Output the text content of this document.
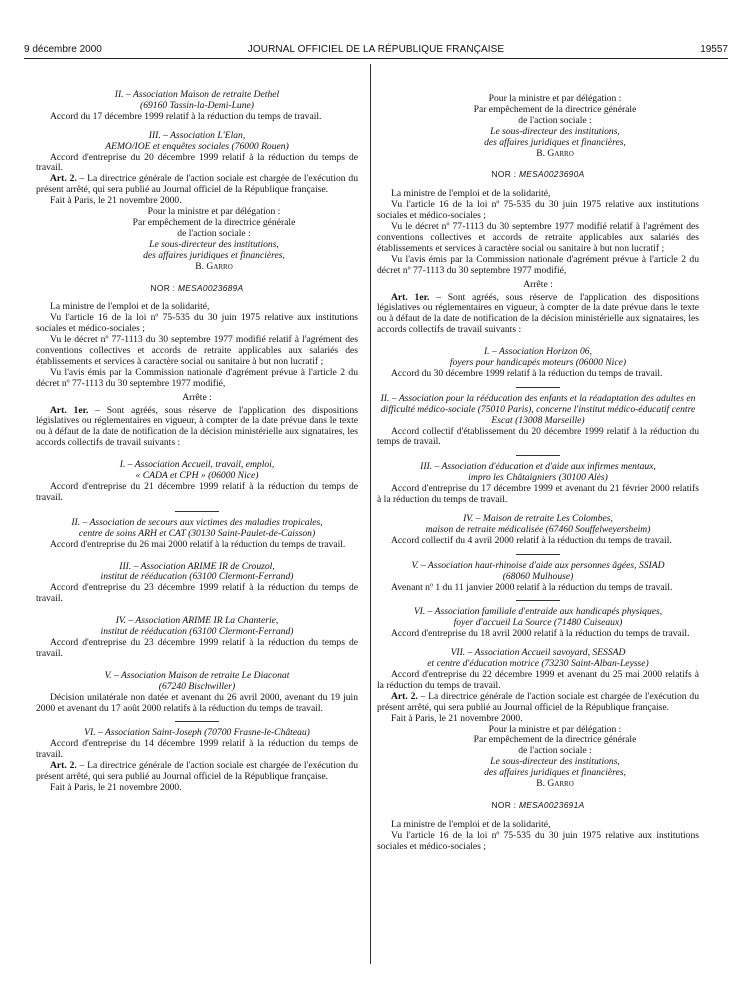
9 décembre 2000	JOURNAL OFFICIEL DE LA RÉPUBLIQUE FRANÇAISE	19557

II. – Association Maison de retraite Dethel

(69160 Tassin-la-Demi-Lune)

Accord du 17 décembre 1999 relatif à la réduction du temps de travail.

III. – Association L'Elan,

AEMO/IOE et enquêtes sociales (76000 Rouen)

Accord d'entreprise du 20 décembre 1999 relatif à la réduction du temps de travail.

Art. 2. – La directrice générale de l'action sociale est chargée de l'exécution du présent arrêté, qui sera publié au Journal officiel de la République française.

Fait à Paris, le 21 novembre 2000.

Pour la ministre et par délégation :

Par empêchement de la directrice générale

de l'action sociale :

Le sous-directeur des institutions,

des affaires juridiques et financières,

B. Garro

NOR : MESA0023689A

La ministre de l'emploi et de la solidarité,

Vu l'article 16 de la loi nº 75-535 du 30 juin 1975 relative aux institutions sociales et médico-sociales ;

Vu le décret nº 77-1113 du 30 septembre 1977 modifié relatif à l'agrément des conventions collectives et accords de retraite applicables aux salariés des établissements et services à caractère social ou sanitaire à but non lucratif ;

Vu l'avis émis par la Commission nationale d'agrément prévue à l'article 2 du décret nº 77-1113 du 30 septembre 1977 modifié,

Arrête :

Art. 1er. – Sont agréés, sous réserve de l'application des dispositions législatives ou réglementaires en vigueur, à compter de la date prévue dans le texte ou à défaut de la date de notification de la décision ministérielle aux signataires, les accords collectifs de travail suivants :

I. – Association Accueil, travail, emploi,

« CADA et CPH » (06000 Nice)

Accord d'entreprise du 21 décembre 1999 relatif à la réduction du temps de travail.

II. – Association de secours aux victimes des maladies tropicales,

centre de soins ARH et CAT (30130 Saint-Paulet-de-Caisson)

Accord d'entreprise du 26 mai 2000 relatif à la réduction du temps de travail.

III. – Association ARIME IR de Crouzol,

institut de rééducation (63100 Clermont-Ferrand)

Accord d'entreprise du 23 décembre 1999 relatif à la réduction du temps de travail.

IV. – Association ARIME IR La Chanterie,

institut de rééducation (63100 Clermont-Ferrand)

Accord d'entreprise du 23 décembre 1999 relatif à la réduction du temps de travail.

V. – Association Maison de retraite Le Diaconat

(67240 Bischwiller)

Décision unilatérale non datée et avenant du 26 avril 2000, avenant du 19 juin 2000 et avenant du 17 août 2000 relatifs à la réduction du temps de travail.

VI. – Association Saint-Joseph (70700 Frasne-le-Château)

Accord d'entreprise du 14 décembre 1999 relatif à la réduction du temps de travail.

Art. 2. – La directrice générale de l'action sociale est chargée de l'exécution du présent arrêté, qui sera publié au Journal officiel de la République française.

Fait à Paris, le 21 novembre 2000.

Pour la ministre et par délégation :

Par empêchement de la directrice générale

de l'action sociale :

Le sous-directeur des institutions,

des affaires juridiques et financières,

B. Garro

NOR : MESA0023690A

La ministre de l'emploi et de la solidarité,

Vu l'article 16 de la loi nº 75-535 du 30 juin 1975 relative aux institutions sociales et médico-sociales ;

Vu le décret nº 77-1113 du 30 septembre 1977 modifié relatif à l'agrément des conventions collectives et accords de retraite applicables aux salariés des établissements et services à caractère social ou sanitaire à but non lucratif ;

Vu l'avis émis par la Commission nationale d'agrément prévue à l'article 2 du décret nº 77-1113 du 30 septembre 1977 modifié,

Arrête :

Art. 1er. – Sont agréés, sous réserve de l'application des dispositions législatives ou réglementaires en vigueur, à compter de la date prévue dans le texte ou à défaut de la date de notification de la décision ministérielle aux signataires, les accords collectifs de travail suivants :

I. – Association Horizon 06,

foyers pour handicapés moteurs (06000 Nice)

Accord du 30 décembre 1999 relatif à la réduction du temps de travail.

II. – Association pour la rééducation des enfants et la réadaptation des adultes en difficulté médico-sociale (75010 Paris), concerne l'institut médico-éducatif centre Escat (13008 Marseille)

Accord collectif d'établissement du 20 décembre 1999 relatif à la réduction du temps de travail.

III. – Association d'éducation et d'aide aux infirmes mentaux,

impro les Châtaigniers (30100 Alès)

Accord d'entreprise du 17 décembre 1999 et avenant du 21 février 2000 relatifs à la réduction du temps de travail.

IV. – Maison de retraite Les Colombes,

maison de retraite médicalisée (67460 Souffelweyersheim)

Accord collectif du 4 avril 2000 relatif à la réduction du temps de travail.

V. – Association haut-rhinoise d'aide aux personnes âgées, SSIAD

(68060 Mulhouse)

Avenant nº 1 du 11 janvier 2000 relatif à la réduction du temps de travail.

VI. – Association familiale d'entraide aux handicapés physiques,

foyer d'accueil La Source (71480 Cuiseaux)

Accord d'entreprise du 18 avril 2000 relatif à la réduction du temps de travail.

VII. – Association Accueil savoyard, SESSAD

et centre d'éducation motrice (73230 Saint-Alban-Leysse)

Accord d'entreprise du 22 décembre 1999 et avenant du 25 mai 2000 relatifs à la réduction du temps de travail.

Art. 2. – La directrice générale de l'action sociale est chargée de l'exécution du présent arrêté, qui sera publié au Journal officiel de la République française.

Fait à Paris, le 21 novembre 2000.

Pour la ministre et par délégation :

Par empêchement de la directrice générale

de l'action sociale :

Le sous-directeur des institutions,

des affaires juridiques et financières,

B. Garro

NOR : MESA0023691A

La ministre de l'emploi et de la solidarité,

Vu l'article 16 de la loi nº 75-535 du 30 juin 1975 relative aux institutions sociales et médico-sociales ;
